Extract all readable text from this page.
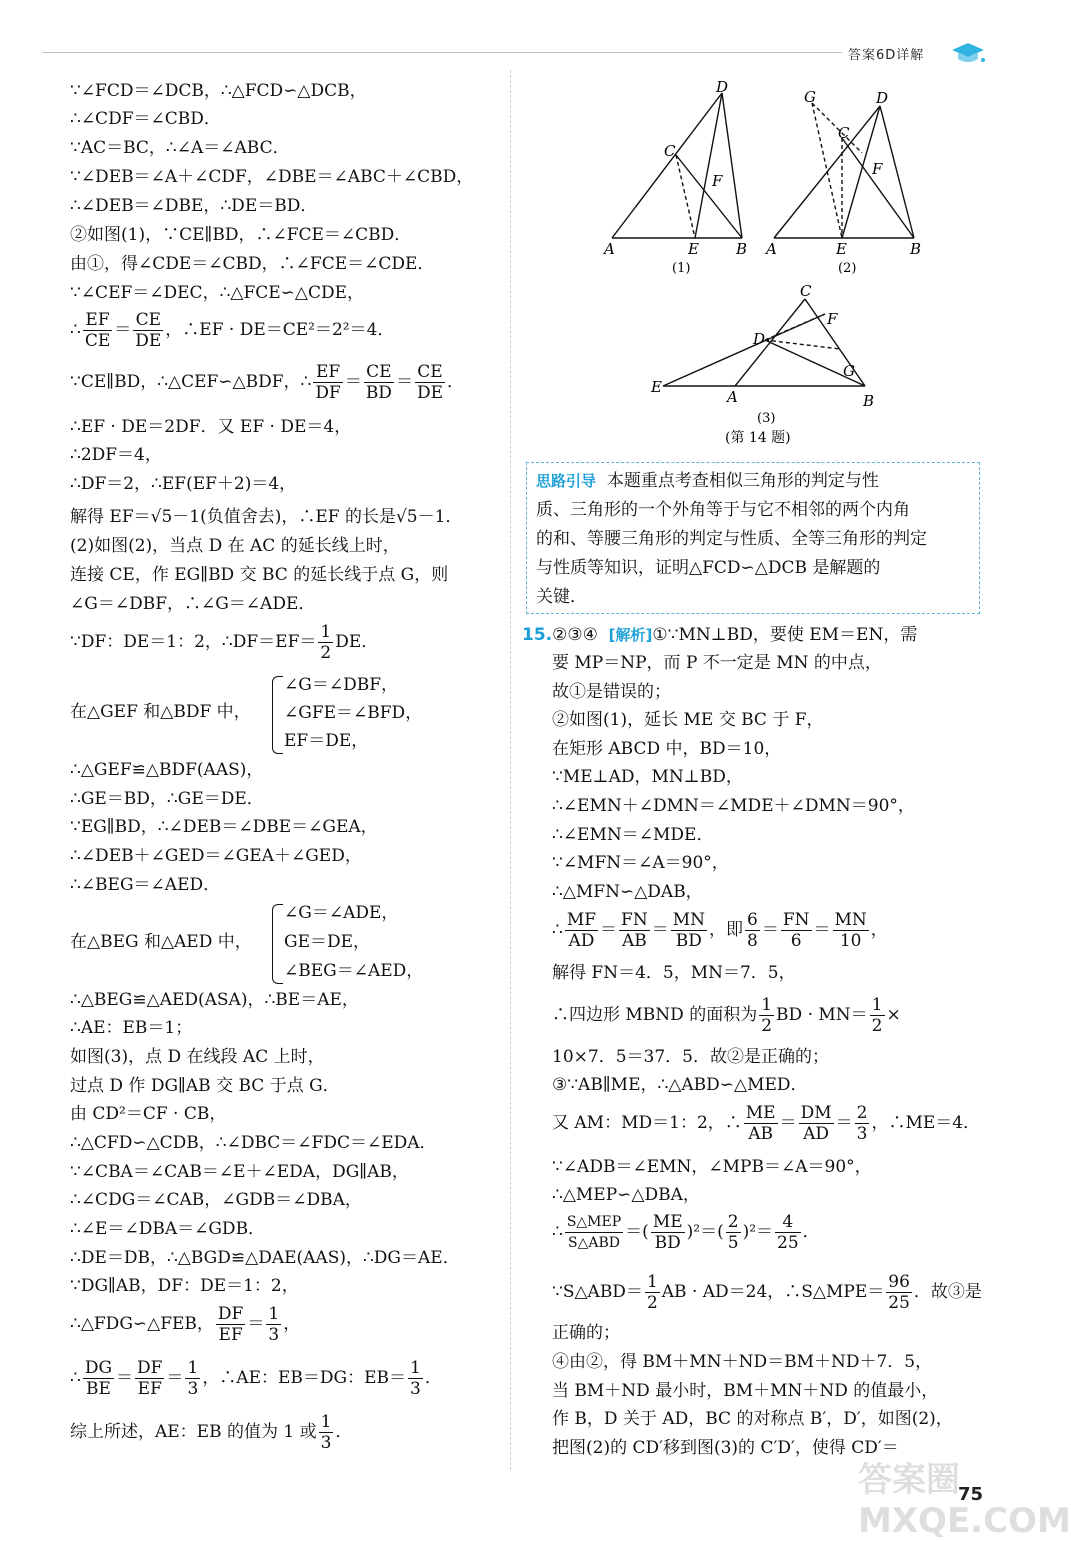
答案6D详解
∵∠FCD＝∠DCB，∴△FCD∽△DCB，
∴∠CDF＝∠CBD．
∵AC＝BC，∴∠A＝∠ABC．
∵∠DEB＝∠A＋∠CDF，∠DBE＝∠ABC＋∠CBD，
∴∠DEB＝∠DBE，∴DE＝BD．
②如图(1)，∵CE∥BD，∴∠FCE＝∠CBD．
由①，得∠CDE＝∠CBD，∴∠FCE＝∠CDE．
∵∠CEF＝∠DEC，∴△FCE∽△CDE，
∴ $\frac{EF}{CE} = \frac{CE}{DE}$ ，∴EF · DE＝CE²＝2²＝4．
∵CE∥BD，∴△CEF∽△BDF，∴ $\frac{EF}{DF} = \frac{CE}{BD} = \frac{CE}{DE}$ ．
∴EF · DE＝2DF．又 EF · DE＝4，
∴2DF＝4，
∴DF＝2，∴EF(EF＋2)＝4，
解得 EF＝√5－1(负值舍去)，∴EF 的长是√5－1．
(2)如图(2)，当点 D 在 AC 的延长线上时，
连接 CE，作 EG∥BD 交 BC 的延长线于点 G，则
∠G＝∠DBF，∴∠G＝∠ADE．
∵DF：DE＝1：2，∴DF＝EF＝ $\frac{1}{2}$ DE．
在△GEF 和△BDF 中，
∠G＝∠DBF，
∠GFE＝∠BFD，
EF＝DE，
∴△GEF≌△BDF(AAS)，
∴GE＝BD，∴GE＝DE．
∵EG∥BD，∴∠DEB＝∠DBE＝∠GEA，
∴∠DEB＋∠GED＝∠GEA＋∠GED，
∴∠BEG＝∠AED．
在△BEG 和△AED 中，
∠G＝∠ADE，
GE＝DE，
∠BEG＝∠AED，
∴△BEG≌△AED(ASA)，∴BE＝AE，
∴AE：EB＝1；
如图(3)，点 D 在线段 AC 上时，
过点 D 作 DG∥AB 交 BC 于点 G．
由 CD²＝CF · CB，
∴△CFD∽△CDB，∴∠DBC＝∠FDC＝∠EDA．
∵∠CBA＝∠CAB＝∠E＋∠EDA，DG∥AB，
∴∠CDG＝∠CAB，∠GDB＝∠DBA，
∴∠E＝∠DBA＝∠GDB．
∴DE＝DB，∴△BGD≌△DAE(AAS)，∴DG＝AE．
∵DG∥AB，DF：DE＝1：2，
∴△FDG∽△FEB， $\frac{DF}{EF} = \frac{1}{3}$ ，
∴ $\frac{DG}{BE} = \frac{DF}{EF} = \frac{1}{3}$ ，∴AE：EB＝DG：$EB= \frac{1}{3}$ ．
综上所述，AE：EB 的值为 1 或 $\frac{1}{3}$ ．
D
C
F
A	E B
(1)
D
G
C
F
A	E	B
(2)
C
F
D
G
E
A	B
(3)
(第 14 题)
思路引导 本题重点考查相似三角形的判定与性
质、三角形的一个外角等于与它不相邻的两个内角
的和、等腰三角形的判定与性质、全等三角形的判定
与性质等知识，证明△FCD∽△DCB 是解题的
关键．
15.②③④ [解析]①∵MN⊥BD，要使 EM＝EN，需
要 MP＝NP，而 P 不一定是 MN 的中点，
故①是错误的；
②如图(1)，延长 ME 交 BC 于 F，
在矩形 ABCD 中，BD＝10，
∵ME⊥AD，MN⊥BD，
∴∠EMN＋∠DMN＝∠MDE＋∠DMN＝90°，
∴∠EMN＝∠MDE．
∵∠MFN＝∠A＝90°，
∴△MFN∽△DAB，
∴ $\frac{MF}{AD} = \frac{FN}{AB} = \frac{MN}{BD}$ ，即 $\frac{6}{8} = \frac{FN}{6} = \frac{MN}{10}$ ，
解得 FN＝4．5，MN＝7．5，
∴四边形 MBND 的面积为 $\frac{1}{2}$ BD · $MN= \frac{1}{2}$ ×
10×7．5＝37．5．故②是正确的；
③∵AB∥ME，∴△ABD∽△MED．
又 AM：MD＝1：2，∴ $\frac{ME}{AB} = \frac{DM}{AD} = \frac{2}{3}$ ，∴ME＝4．
∵∠ADB＝∠EMN，∠MPB＝∠A＝90°，
∴△MEP∽△DBA，
∴ $\frac{\text{S△MEP}}{\text{S△ABD}}$ ＝( $\frac{ME}{BD} )^2=( \frac{2}{5} )^2= \frac{4}{25}$ ．
∵S△ABD＝ $\frac{1}{2}$ AB · AD＝24，∴S△MPE＝ $\frac{96}{25}$ ．故③是
正确的；
④由②，得 BM＋MN＋ND＝BM＋ND＋7．5，
当 BM＋ND 最小时，BM＋MN＋ND 的值最小，
作 B，D 关于 AD，BC 的对称点 B′，D′，如图(2)，
把图(2)的 CD′移到图(3)的 C′D′，使得 CD′＝
答案圈 MXQE.COM
75
